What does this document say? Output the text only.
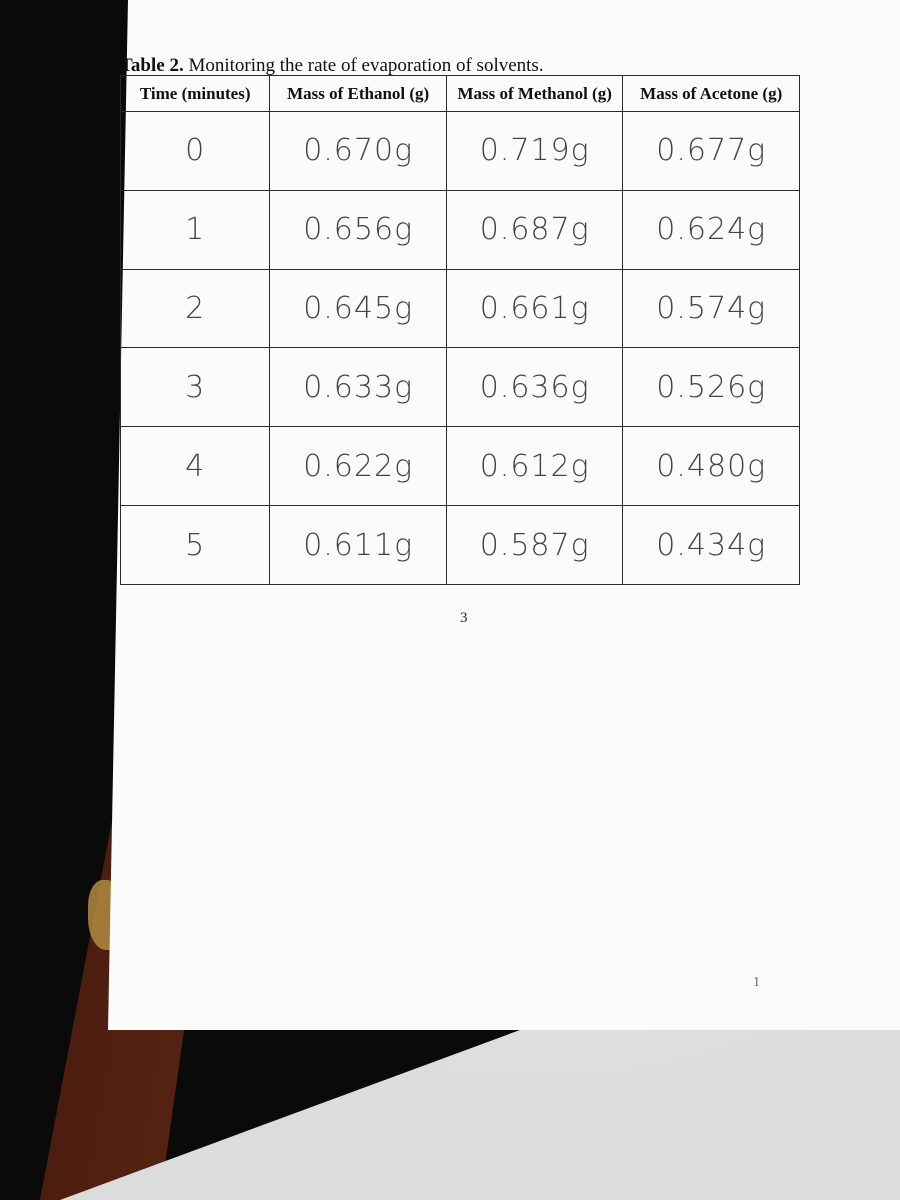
Table 2. Monitoring the rate of evaporation of solvents.
Time (minutes)	Mass of Ethanol (g)	Mass of Methanol (g)	Mass of Acetone (g)
0	0.670g	0.719g	0.677g
1	0.656g	0.687g	0.624g
2	0.645g	0.661g	0.574g
3	0.633g	0.636g	0.526g
4	0.622g	0.612g	0.480g
5	0.611g	0.587g	0.434g
3
1
